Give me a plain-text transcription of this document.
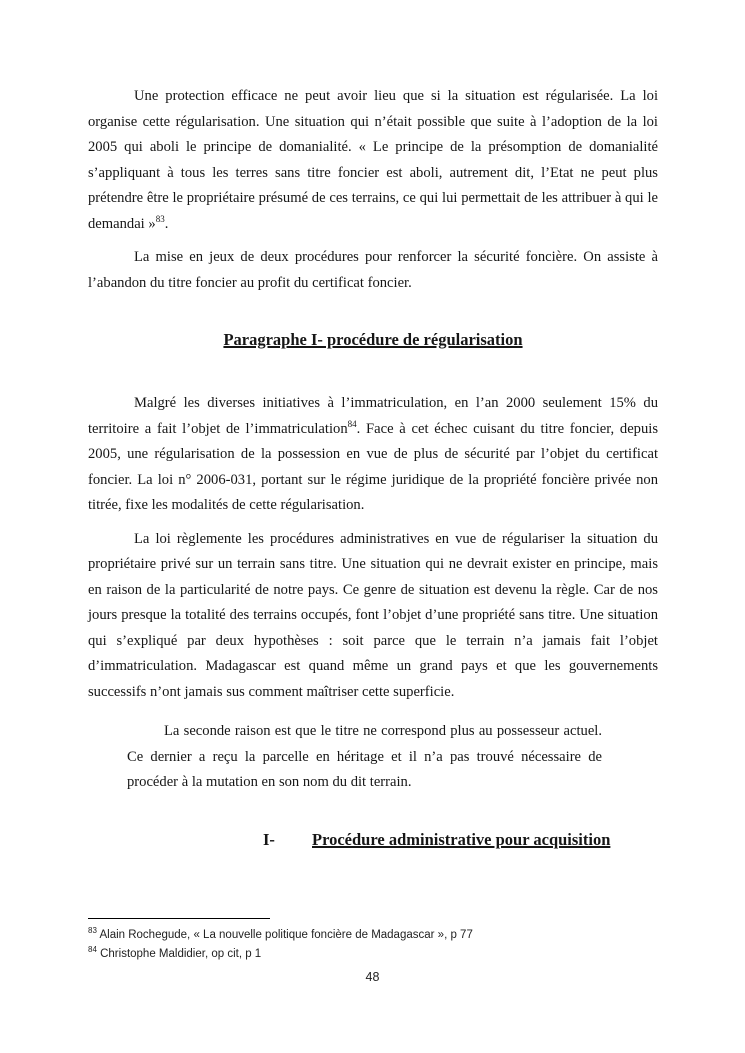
Une protection efficace ne peut avoir lieu que si la situation est régularisée. La loi organise cette régularisation. Une situation qui n’était possible que suite à l’adoption de la loi 2005 qui aboli le principe de domanialité. « Le principe de la présomption de domanialité s’appliquant à tous les terres sans titre foncier est aboli, autrement dit, l’Etat ne peut plus prétendre être le propriétaire présumé de ces terrains, ce qui lui permettait de les attribuer à qui le demandai »$^{83}$.

La mise en jeux de deux procédures pour renforcer la sécurité foncière. On assiste à l’abandon du titre foncier au profit du certificat foncier.

Paragraphe I- procédure de régularisation

Malgré les diverses initiatives à l’immatriculation, en l’an 2000 seulement 15% du territoire a fait l’objet de l’immatriculation$^{84}$. Face à cet échec cuisant du titre foncier, depuis 2005, une régularisation de la possession en vue de plus de sécurité par l’objet du certificat foncier. La loi n° 2006-031, portant sur le régime juridique de la propriété foncière privée non titrée, fixe les modalités de cette régularisation.

La loi règlemente les procédures administratives en vue de régulariser la situation du propriétaire privé sur un terrain sans titre. Une situation qui ne devrait exister en principe, mais en raison de la particularité de notre pays. Ce genre de situation est devenu la règle. Car de nos jours presque la totalité des terrains occupés, font l’objet d’une propriété sans titre. Une situation qui s’expliqué par deux hypothèses : soit parce que le terrain n’a jamais fait l’objet d’immatriculation. Madagascar est quand même un grand pays et que les gouvernements successifs n’ont jamais sus comment maîtriser cette superficie.

La seconde raison est que le titre ne correspond plus au possesseur actuel. Ce dernier a reçu la parcelle en héritage et il n’a pas trouvé nécessaire de procéder à la mutation en son nom du dit terrain.

I- Procédure administrative pour acquisition
$^{83}$ Alain Rochegude, « La nouvelle politique foncière de Madagascar », p 77
$^{84}$ Christophe Maldidier, op cit, p 1
48
